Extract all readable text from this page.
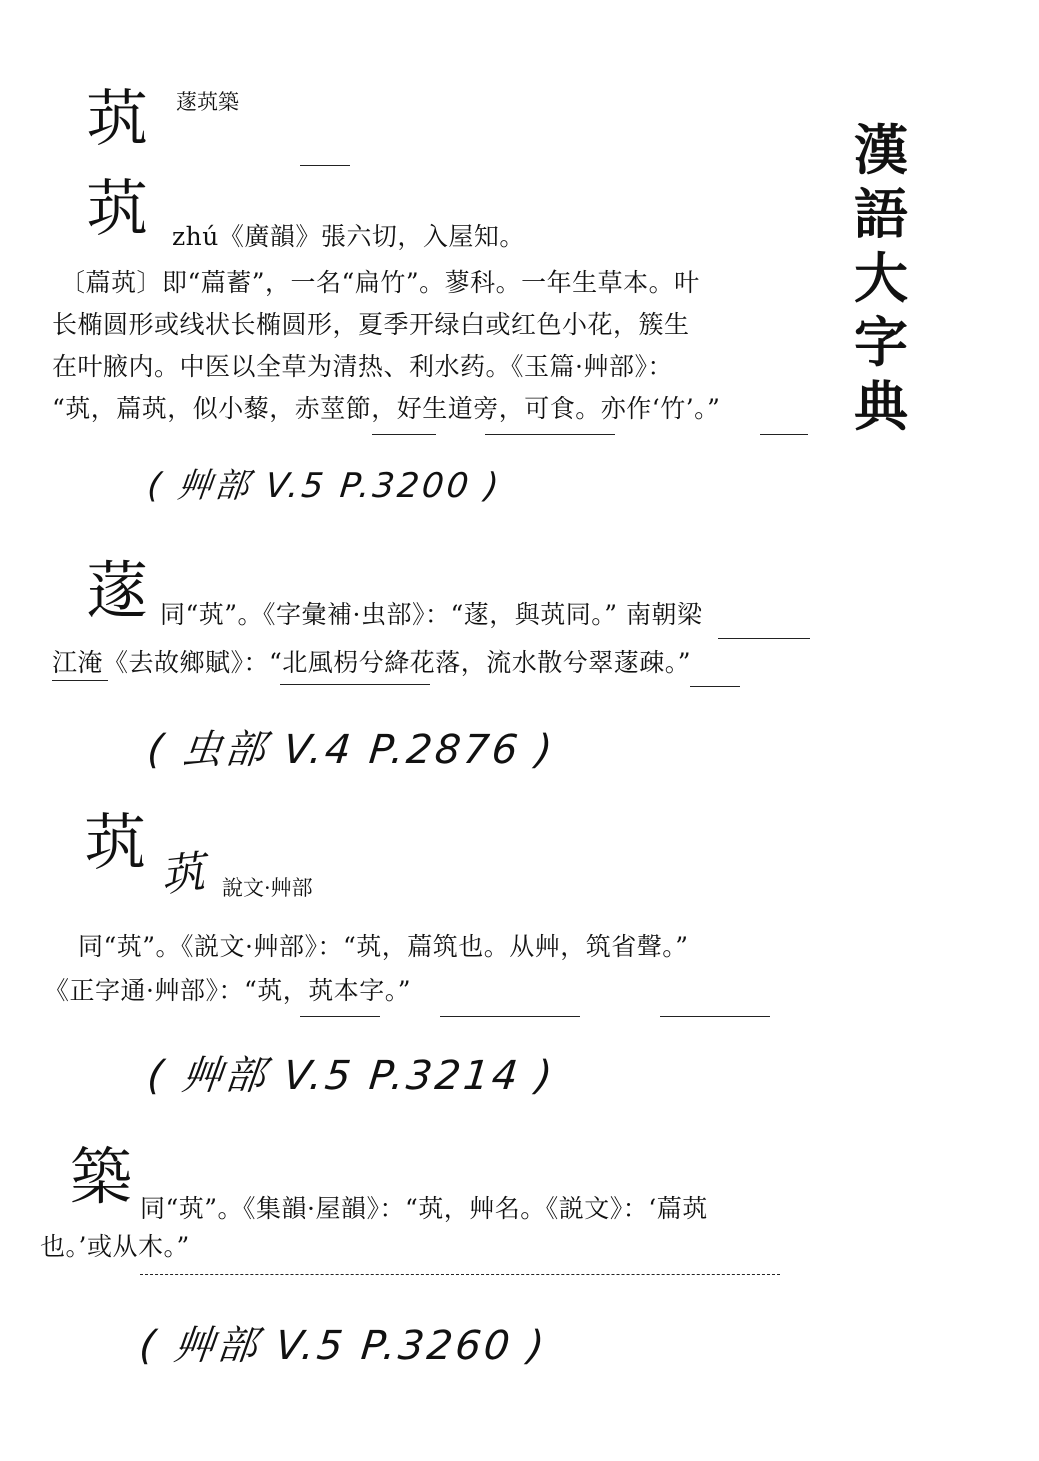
漢
語
大
字
典
茿 蓫茿築
茿 zhú《廣韻》張六切，入屋知。
〔萹茿〕即“萹蓄”，一名“扁竹”。蓼科。一年生草本。叶
长椭圆形或线状长椭圆形，夏季开绿白或红色小花，簇生
在叶腋内。中医以全草为清热、利水药。《玉篇·艸部》：
“茿，萹茿，似小藜，赤莖節，好生道旁，可食。亦作‘竹’。”
( 艸部 V.5 P.3200 )
蓫 同“茿”。《字彙補·虫部》：“蓫，與茿同。” 南朝梁
江淹《去故鄉賦》：“北風枴兮絳花落，流水散兮翠蓫疎。”
( 虫部 V.4 P.2876 )
茿 茿 說文·艸部
同“茿”。《説文·艸部》：“茿，萹筑也。从艸，筑省聲。”
《正字通·艸部》：“茿，茿本字。”
( 艸部 V.5 P.3214 )
築 同“茿”。《集韻·屋韻》：“茿，艸名。《説文》：‘萹茿
也。’或从木。”
( 艸部 V.5 P.3260 )
